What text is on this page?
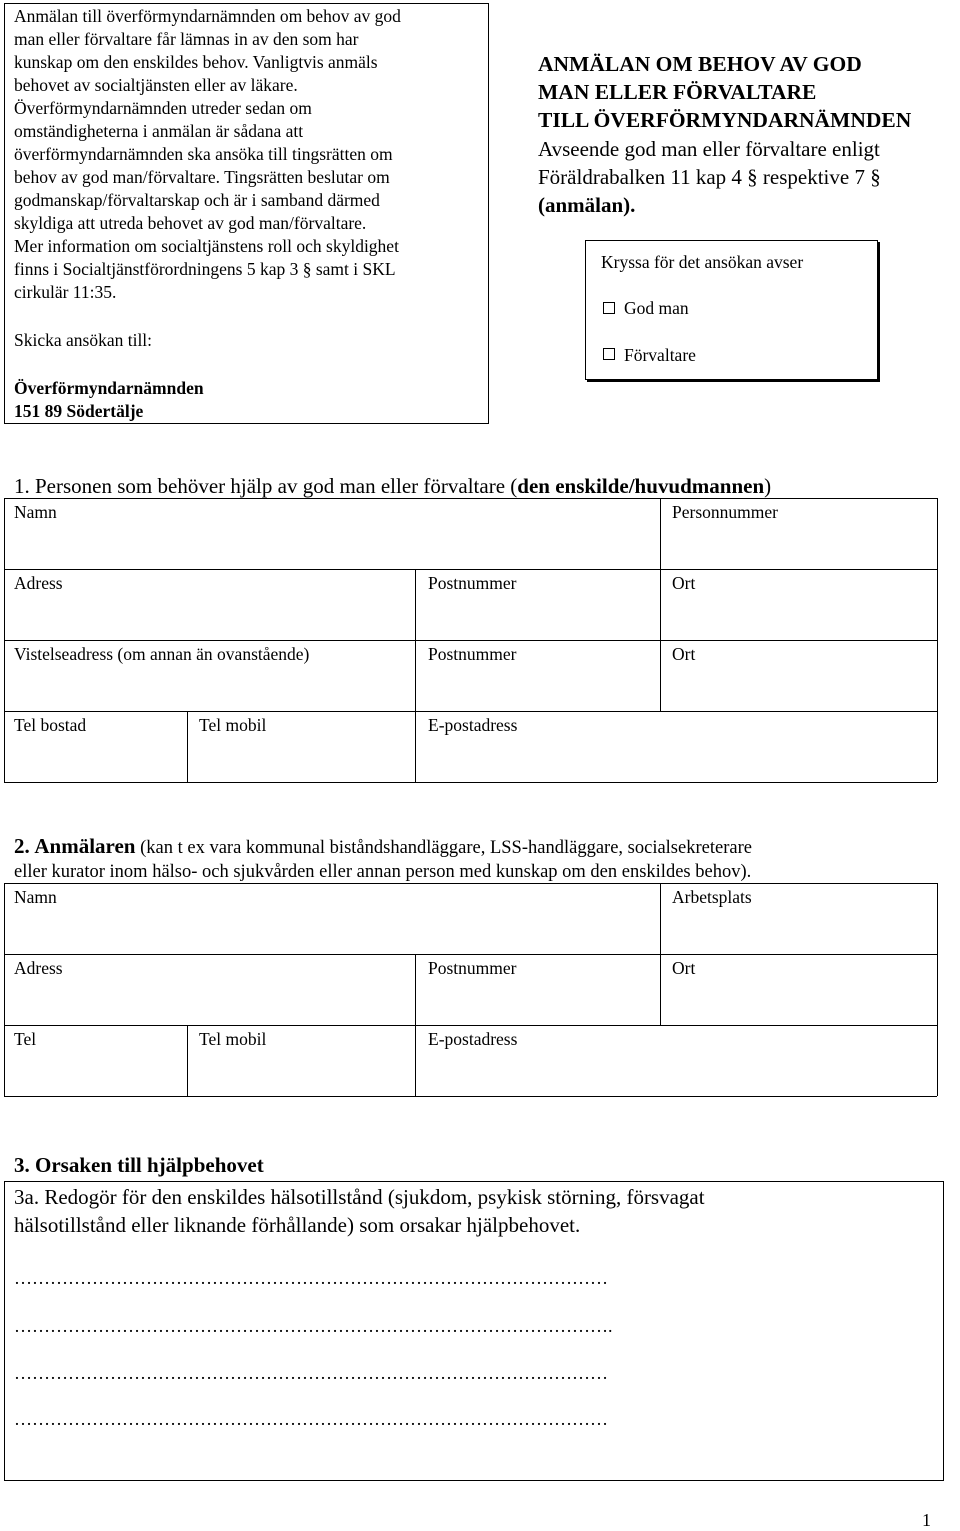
Anmälan till överförmyndarnämnden om behov av god
man eller förvaltare får lämnas in av den som har
kunskap om den enskildes behov. Vanligtvis anmäls
behovet av socialtjänsten eller av läkare.
Överförmyndarnämnden utreder sedan om
omständigheterna i anmälan är sådana att
överförmyndarnämnden ska ansöka till tingsrätten om
behov av god man/förvaltare. Tingsrätten beslutar om
godmanskap/förvaltarskap och är i samband därmed
skyldiga att utreda behovet av god man/förvaltare.
Mer information om socialtjänstens roll och skyldighet
finns i Socialtjänstförordningens 5 kap 3 § samt i SKL
cirkulär 11:35.
Skicka ansökan till:
Överförmyndarnämnden
151 89 Södertälje
ANMÄLAN OM BEHOV AV GOD
MAN ELLER FÖRVALTARE
TILL ÖVERFÖRMYNDARNÄMNDEN
Avseende god man eller förvaltare enligt
Föräldrabalken 11 kap 4 § respektive 7 §
(anmälan).
Kryssa för det ansökan avser
God man
Förvaltare
1. Personen som behöver hjälp av god man eller förvaltare (den enskilde/huvudmannen)
Namn	Personnummer
Adress	Postnummer	Ort
Vistelseadress (om annan än ovanstående)	Postnummer	Ort
Tel bostad	Tel mobil	E-postadress
2. Anmälaren (kan t ex vara kommunal biståndshandläggare, LSS-handläggare, socialsekreterare
eller kurator inom hälso- och sjukvården eller annan person med kunskap om den enskildes behov).
Namn	Arbetsplats
Adress	Postnummer	Ort
Tel	Tel mobil	E-postadress
3. Orsaken till hjälpbehovet
3a. Redogör för den enskildes hälsotillstånd (sjukdom, psykisk störning, försvagat
hälsotillstånd eller liknande förhållande) som orsakar hjälpbehovet.
………………………………………………………………………………………
……………………………………………………………………………………….
………………………………………………………………………………………
………………………………………………………………………………………
1
